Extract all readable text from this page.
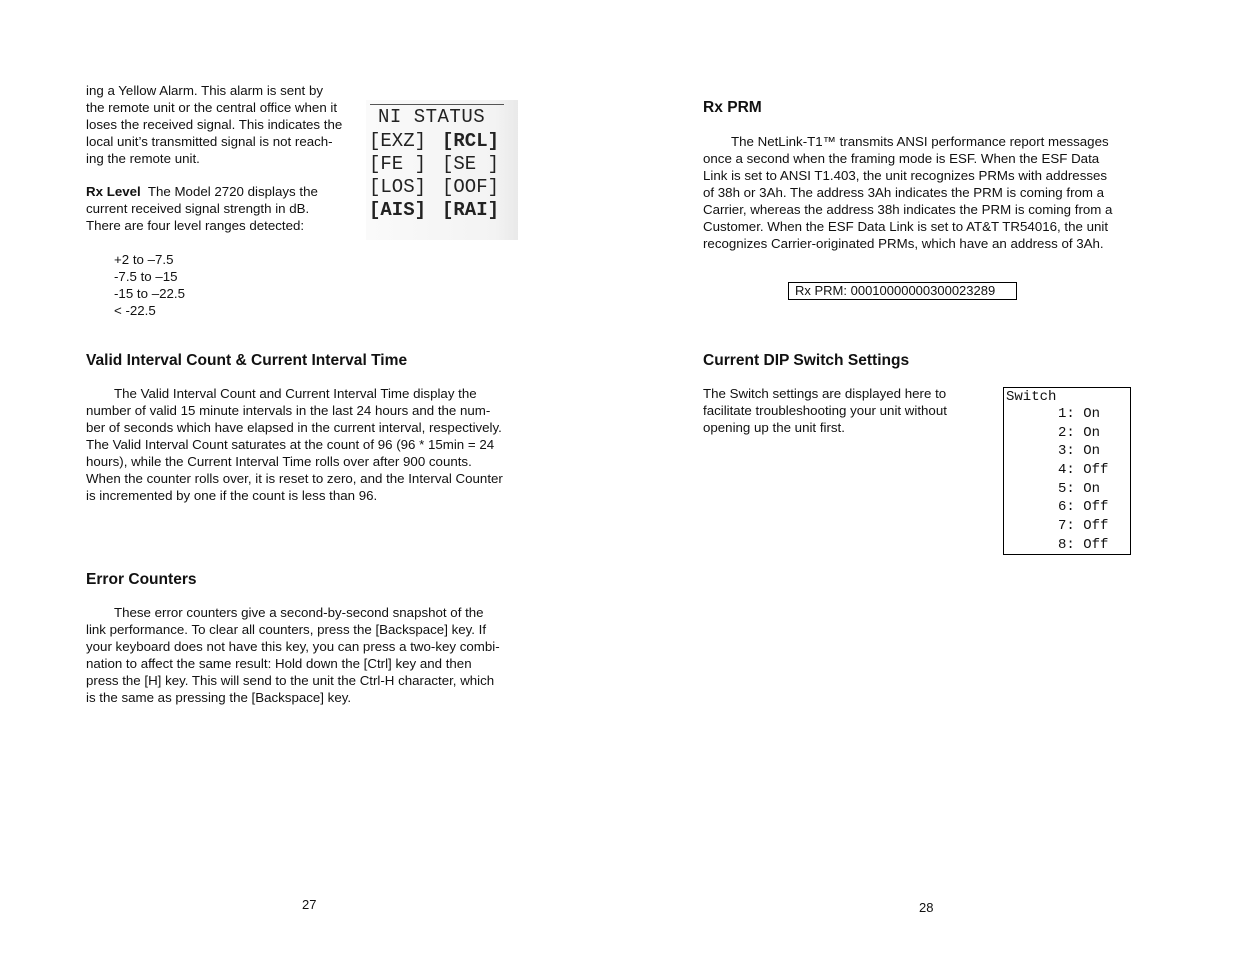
ing a Yellow Alarm. This alarm is sent by

the remote unit or the central office when it

loses the received signal. This indicates the

local unit’s transmitted signal is not reach-

ing the remote unit.

Rx Level The Model 2720 displays the

current received signal strength in dB.

There are four level ranges detected:

+2 to –7.5

-7.5 to –15

-15 to –22.5

< -22.5

NI STATUS
[EXZ] [RCL]
[FE ] [SE ]
[LOS] [OOF]
[AIS] [RAI]
Valid Interval Count & Current Interval Time

The Valid Interval Count and Current Interval Time display the

number of valid 15 minute intervals in the last 24 hours and the num-

ber of seconds which have elapsed in the current interval, respectively.

The Valid Interval Count saturates at the count of 96 (96 * 15min = 24

hours), while the Current Interval Time rolls over after 900 counts.

When the counter rolls over, it is reset to zero, and the Interval Counter

is incremented by one if the count is less than 96.

Error Counters

These error counters give a second-by-second snapshot of the

link performance. To clear all counters, press the [Backspace] key. If

your keyboard does not have this key, you can press a two-key combi-

nation to affect the same result: Hold down the [Ctrl] key and then

press the [H] key. This will send to the unit the Ctrl-H character, which

is the same as pressing the [Backspace] key.

27
Rx PRM

The NetLink-T1™ transmits ANSI performance report messages

once a second when the framing mode is ESF. When the ESF Data

Link is set to ANSI T1.403, the unit recognizes PRMs with addresses

of 38h or 3Ah. The address 3Ah indicates the PRM is coming from a

Carrier, whereas the address 38h indicates the PRM is coming from a

Customer. When the ESF Data Link is set to AT&T TR54016, the unit

recognizes Carrier-originated PRMs, which have an address of 3Ah.

Rx PRM: 00010000000300023289
Current DIP Switch Settings

The Switch settings are displayed here to

facilitate troubleshooting your unit without

opening up the unit first.

Switch
1: On
2: On
3: On
4: Off
5: On
6: Off
7: Off
8: Off
28
